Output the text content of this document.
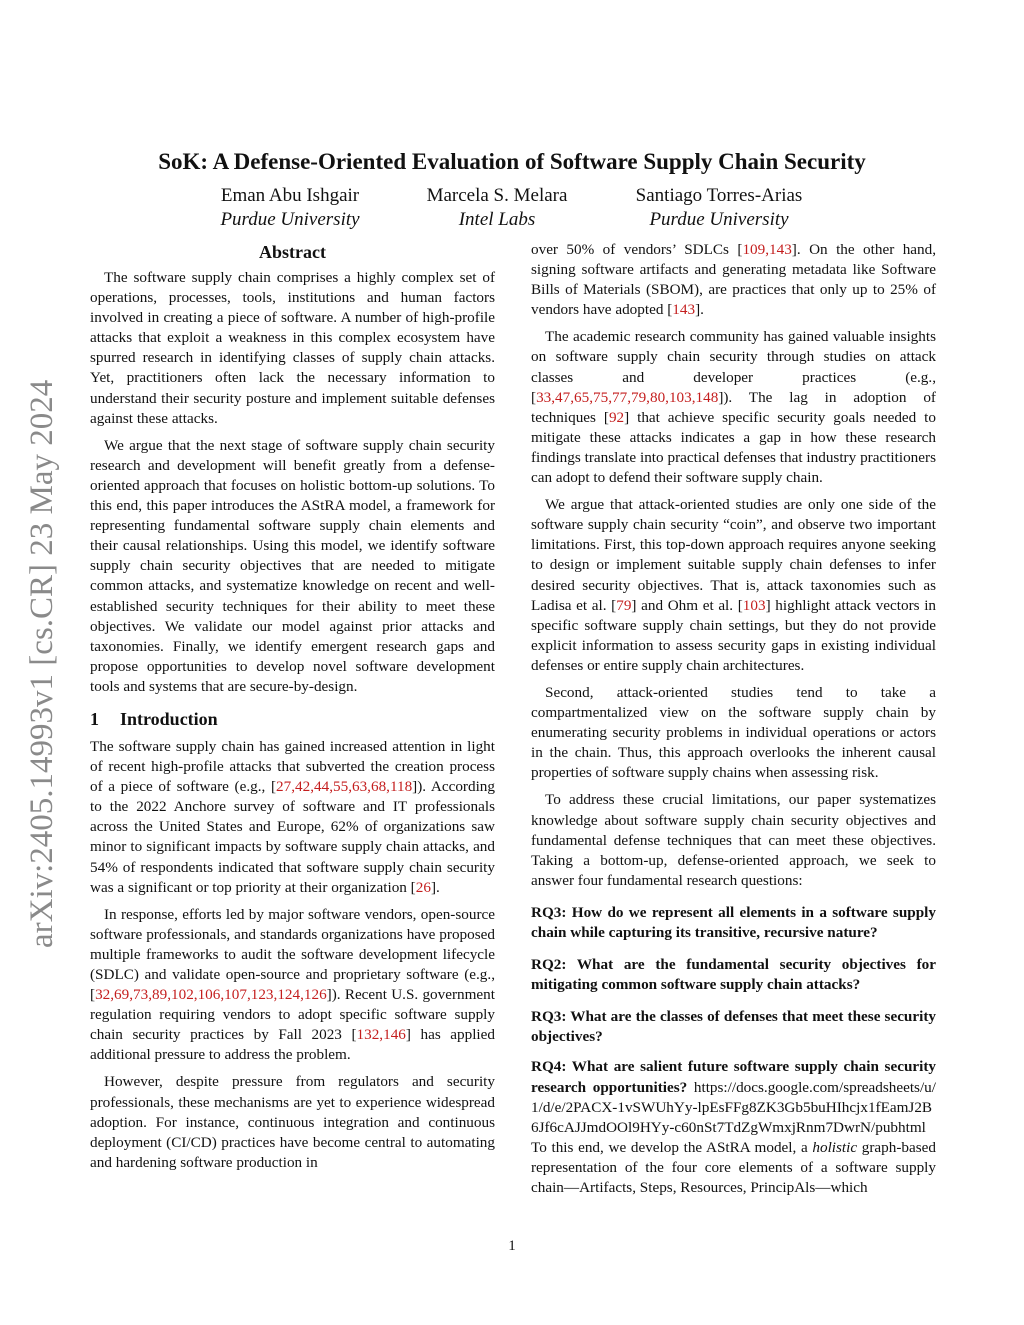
arXiv:2405.14993v1 [cs.CR] 23 May 2024
SoK: A Defense-Oriented Evaluation of Software Supply Chain Security
Eman Abu Ishgair
Purdue University
Marcela S. Melara
Intel Labs
Santiago Torres-Arias
Purdue University
Abstract

The software supply chain comprises a highly complex set of operations, processes, tools, institutions and human factors involved in creating a piece of software. A number of high-profile attacks that exploit a weakness in this complex ecosystem have spurred research in identifying classes of supply chain attacks. Yet, practitioners often lack the necessary information to understand their security posture and implement suitable defenses against these attacks.

We argue that the next stage of software supply chain security research and development will benefit greatly from a defense-oriented approach that focuses on holistic bottom-up solutions. To this end, this paper introduces the AStRA model, a framework for representing fundamental software supply chain elements and their causal relationships. Using this model, we identify software supply chain security objectives that are needed to mitigate common attacks, and systematize knowledge on recent and well-established security techniques for their ability to meet these objectives. We validate our model against prior attacks and taxonomies. Finally, we identify emergent research gaps and propose opportunities to develop novel software development tools and systems that are secure-by-design.

1 Introduction

The software supply chain has gained increased attention in light of recent high-profile attacks that subverted the creation process of a piece of software (e.g., [27,42,44,55,63,68,118]). According to the 2022 Anchore survey of software and IT professionals across the United States and Europe, 62% of organizations saw minor to significant impacts by software supply chain attacks, and 54% of respondents indicated that software supply chain security was a significant or top priority at their organization [26].

In response, efforts led by major software vendors, open-source software professionals, and standards organizations have proposed multiple frameworks to audit the software development lifecycle (SDLC) and validate open-source and proprietary software (e.g., [32,69,73,89,102,106,107,123,124,126]). Recent U.S. government regulation requiring vendors to adopt specific software supply chain security practices by Fall 2023 [132,146] has applied additional pressure to address the problem.

However, despite pressure from regulators and security professionals, these mechanisms are yet to experience widespread adoption. For instance, continuous integration and continuous deployment (CI/CD) practices have become central to automating and hardening software production in

over 50% of vendors’ SDLCs [109,143]. On the other hand, signing software artifacts and generating metadata like Software Bills of Materials (SBOM), are practices that only up to 25% of vendors have adopted [143].

The academic research community has gained valuable insights on software supply chain security through studies on attack classes and developer practices (e.g., [33,47,65,75,77,79,80,103,148]). The lag in adoption of techniques [92] that achieve specific security goals needed to mitigate these attacks indicates a gap in how these research findings translate into practical defenses that industry practitioners can adopt to defend their software supply chain.

We argue that attack-oriented studies are only one side of the software supply chain security “coin”, and observe two important limitations. First, this top-down approach requires anyone seeking to design or implement suitable supply chain defenses to infer desired security objectives. That is, attack taxonomies such as Ladisa et al. [79] and Ohm et al. [103] highlight attack vectors in specific software supply chain settings, but they do not provide explicit information to assess security gaps in existing individual defenses or entire supply chain architectures.

Second, attack-oriented studies tend to take a compartmentalized view on the software supply chain by enumerating security problems in individual operations or actors in the chain. Thus, this approach overlooks the inherent causal properties of software supply chains when assessing risk.

To address these crucial limitations, our paper systematizes knowledge about software supply chain security objectives and fundamental defense techniques that can meet these objectives. Taking a bottom-up, defense-oriented approach, we seek to answer four fundamental research questions:

RQ3: How do we represent all elements in a software supply chain while capturing its transitive, recursive nature?
RQ2: What are the fundamental security objectives for mitigating common software supply chain attacks?
RQ3: What are the classes of defenses that meet these security objectives?
RQ4: What are salient future software supply chain security research opportunities? https://docs.google.com/spreadsheets/u/1/d/e/2PACX-1vSWUhYy-lpEsFFg8ZK3Gb5buHIhcjx1fEamJ2B6Jf6cAJJmdOOl9HYy-c60nSt7TdZgWmxjRnm7DwrN/pubhtml To this end, we develop the AStRA model, a holistic graph-based representation of the four core elements of a software supply chain—Artifacts, Steps, Resources, PrincipAls—which
1
